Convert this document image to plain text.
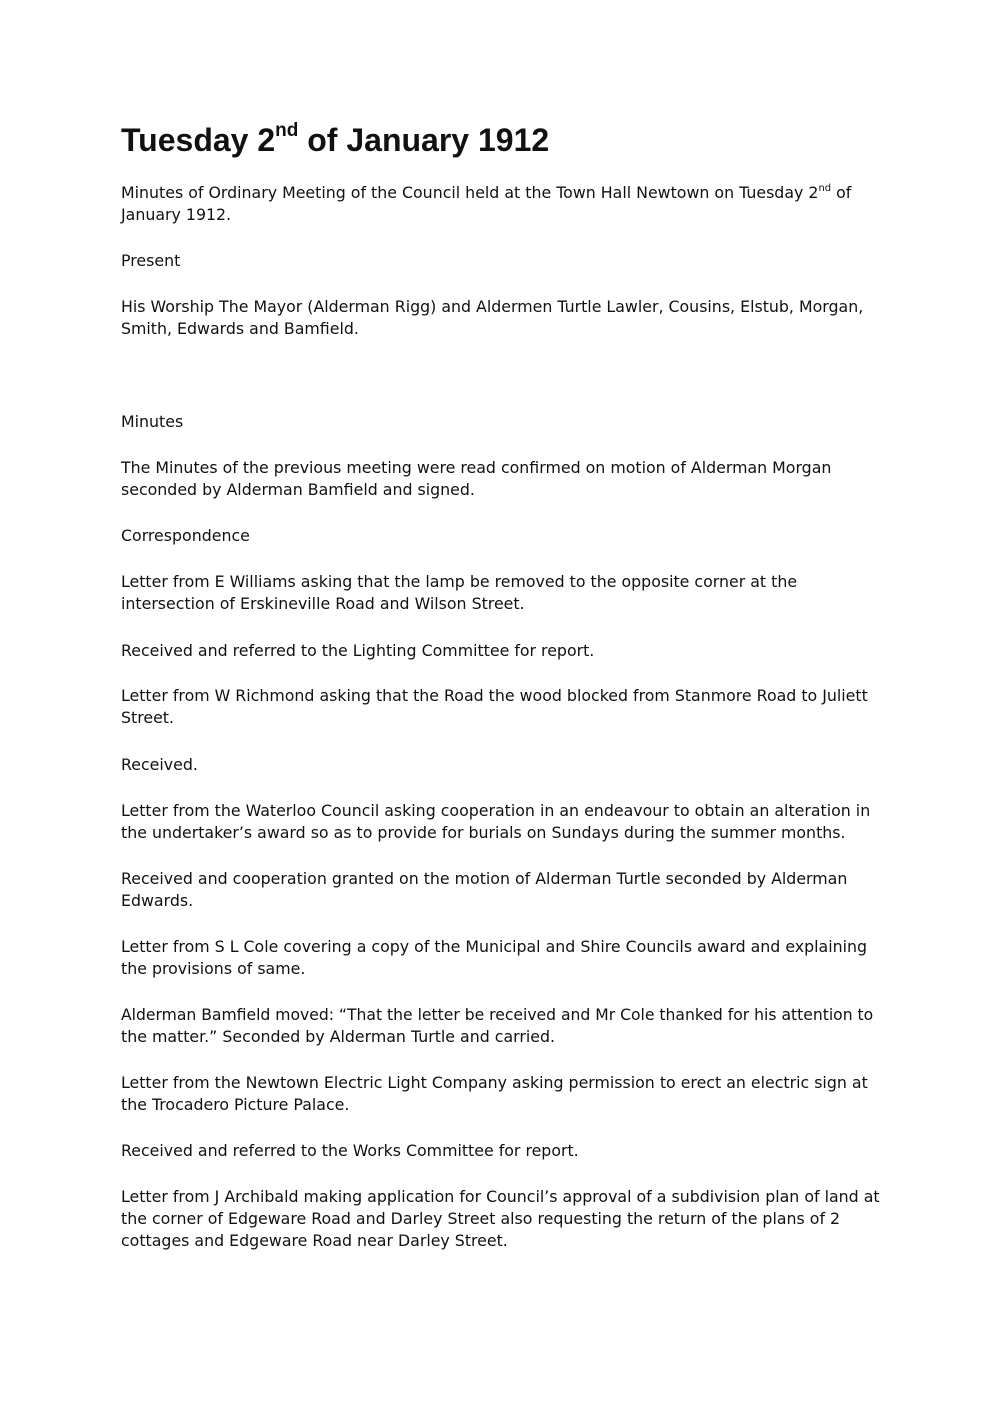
Tuesday 2nd of January 1912

Minutes of Ordinary Meeting of the Council held at the Town Hall Newtown on Tuesday 2nd of
January 1912.

Present

His Worship The Mayor (Alderman Rigg) and Aldermen Turtle Lawler, Cousins, Elstub, Morgan,
Smith, Edwards and Bamfield.

Minutes

The Minutes of the previous meeting were read confirmed on motion of Alderman Morgan
seconded by Alderman Bamfield and signed.

Correspondence

Letter from E Williams asking that the lamp be removed to the opposite corner at the
intersection of Erskineville Road and Wilson Street.

Received and referred to the Lighting Committee for report.

Letter from W Richmond asking that the Road the wood blocked from Stanmore Road to Juliett
Street.

Received.

Letter from the Waterloo Council asking cooperation in an endeavour to obtain an alteration in
the undertaker’s award so as to provide for burials on Sundays during the summer months.

Received and cooperation granted on the motion of Alderman Turtle seconded by Alderman
Edwards.

Letter from S L Cole covering a copy of the Municipal and Shire Councils award and explaining
the provisions of same.

Alderman Bamfield moved: “That the letter be received and Mr Cole thanked for his attention to
the matter.” Seconded by Alderman Turtle and carried.

Letter from the Newtown Electric Light Company asking permission to erect an electric sign at
the Trocadero Picture Palace.

Received and referred to the Works Committee for report.

Letter from J Archibald making application for Council’s approval of a subdivision plan of land at
the corner of Edgeware Road and Darley Street also requesting the return of the plans of 2
cottages and Edgeware Road near Darley Street.
